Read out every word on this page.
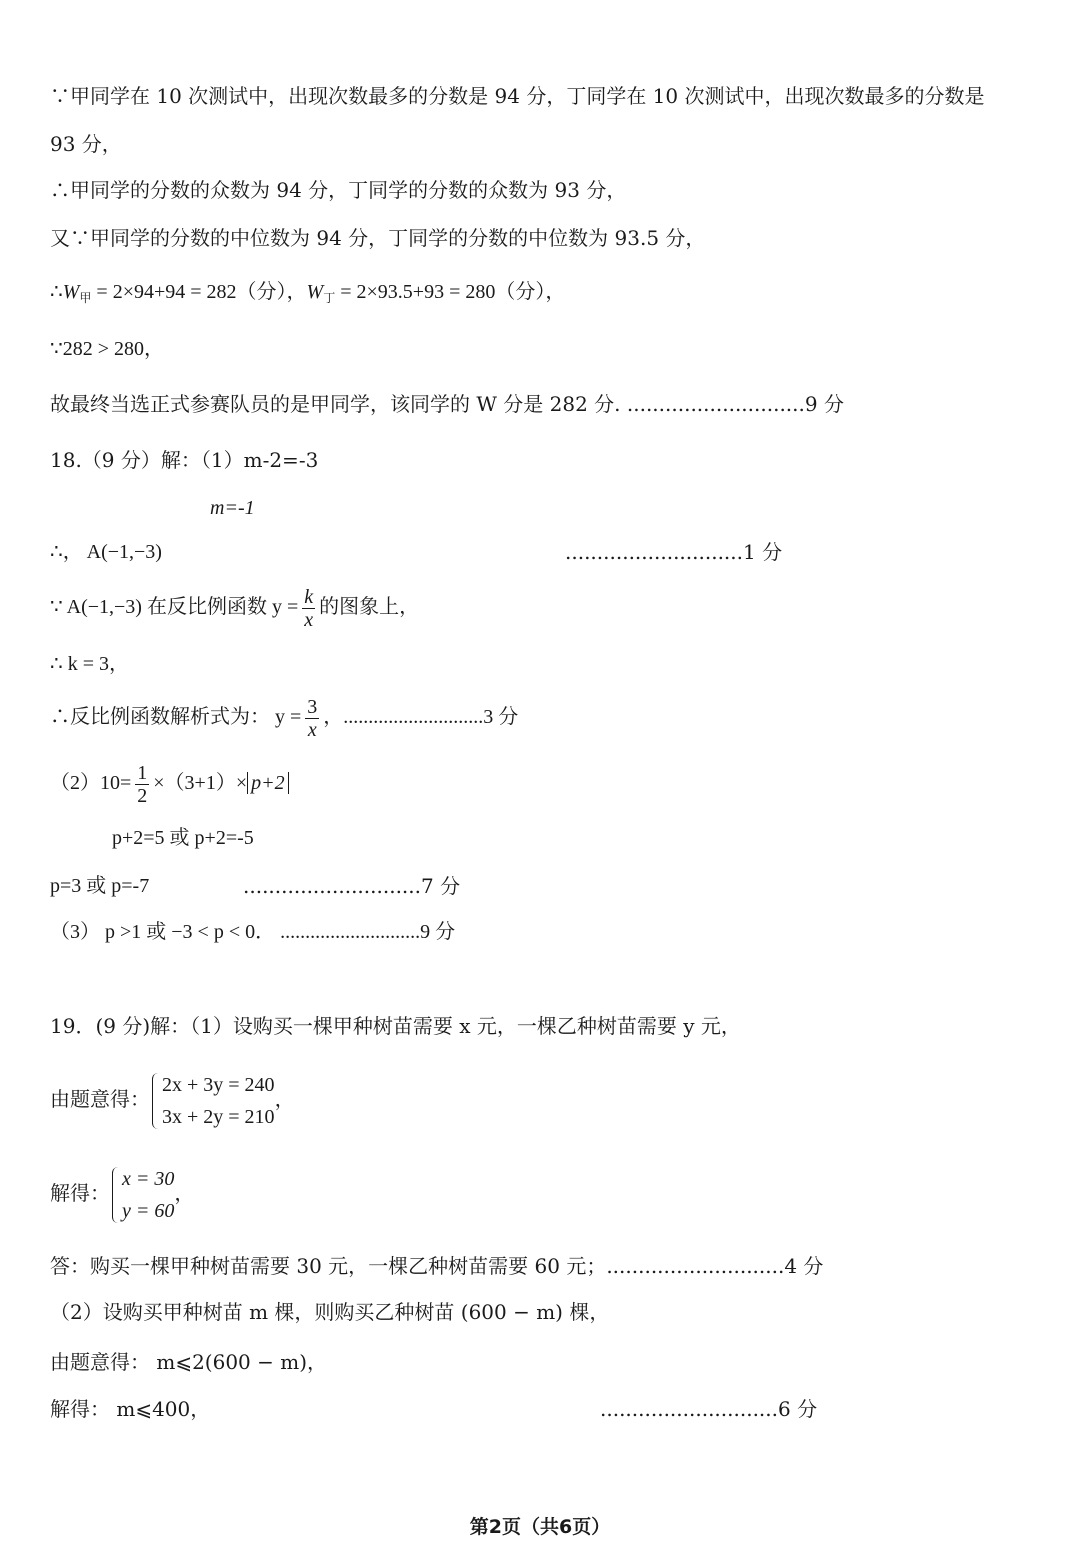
∵甲同学在 10 次测试中，出现次数最多的分数是 94 分，丁同学在 10 次测试中，出现次数最多的分数是
93 分，
∴甲同学的分数的众数为 94 分，丁同学的分数的众数为 93 分，
又∵甲同学的分数的中位数为 94 分，丁同学的分数的中位数为 93.5 分，
$\therefore W_甲 = 2\times 94+94 = 282$（分），$W_丁 = 2\times 93.5+93 = 280$（分），
∵282 > 280，
故最终当选正式参赛队员的是甲同学，该同学的 W 分是 282 分. ............................9 分
18.（9 分）解：（1）m-2=-3
m=-1
∴， A(−1,−3)	............................1 分
∵ A(−1,−3) 在反比例函数 $y = \frac{k}{x}$ 的图象上，
∴ k = 3，
∴反比例函数解析式为： $y = \frac{3}{x}$ ，............................3 分
$(2)10= \frac{1}{2} \times(3+1)\times p+2$
p+2=5 或 p+2=-5
p=3 或 p=-7	............................7 分
（3） p >1 或 −3 < p < 0． ............................9 分
19．(9 分)解：（1）设购买一棵甲种树苗需要 x 元，一棵乙种树苗需要 y 元，
由题意得：
2x + 3y = 240
3x + 2y = 210
，
解得：
x = 30
y = 60
，
答：购买一棵甲种树苗需要 30 元，一棵乙种树苗需要 60 元；............................4 分
（2）设购买甲种树苗 m 棵，则购买乙种树苗 (600 − m) 棵，
由题意得： m⩽2(600 − m)，
解得： m⩽400，	............................6 分
第2页（共6页）
